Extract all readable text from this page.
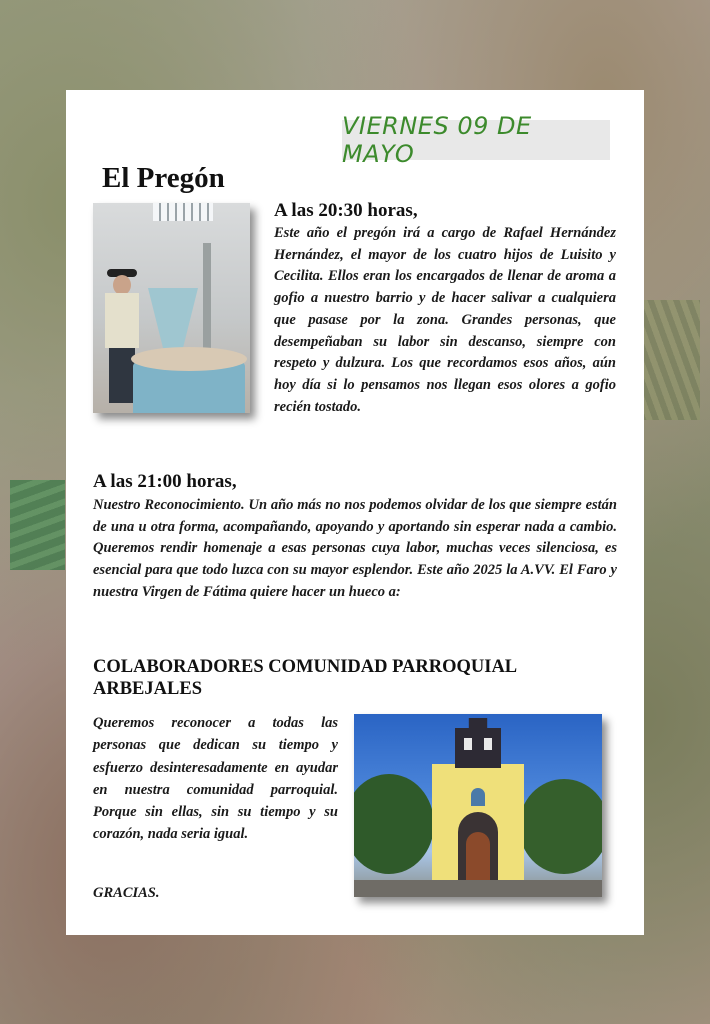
VIERNES 09 DE MAYO
El Pregón
A las 20:30 horas,
Este año el pregón irá a cargo de Rafael Hernández Hernández, el mayor de los cuatro hijos de Luisito y Cecilita. Ellos eran los encargados de llenar de aroma a gofio a nuestro barrio y de hacer salivar a cualquiera que pasase por la zona. Grandes personas, que desempeñaban su labor sin descanso, siempre con respeto y dulzura. Los que recordamos esos años, aún hoy día si lo pensamos nos llegan esos olores a gofio recién tostado.
A las 21:00 horas,
Nuestro Reconocimiento. Un año más no nos podemos olvidar de los que siempre están de una u otra forma, acompañando, apoyando y aportando sin esperar nada a cambio. Queremos rendir homenaje a esas personas cuya labor, muchas veces silenciosa, es esencial para que todo luzca con su mayor esplendor. Este año 2025 la A.VV. El Faro y nuestra Virgen de Fátima quiere hacer un hueco a:
COLABORADORES COMUNIDAD PARROQUIAL ARBEJALES
Queremos reconocer a todas las personas que dedican su tiempo y esfuerzo desinteresadamente en ayudar en nuestra comunidad parroquial. Porque sin ellas, sin su tiempo y su corazón, nada seria igual.
GRACIAS.
